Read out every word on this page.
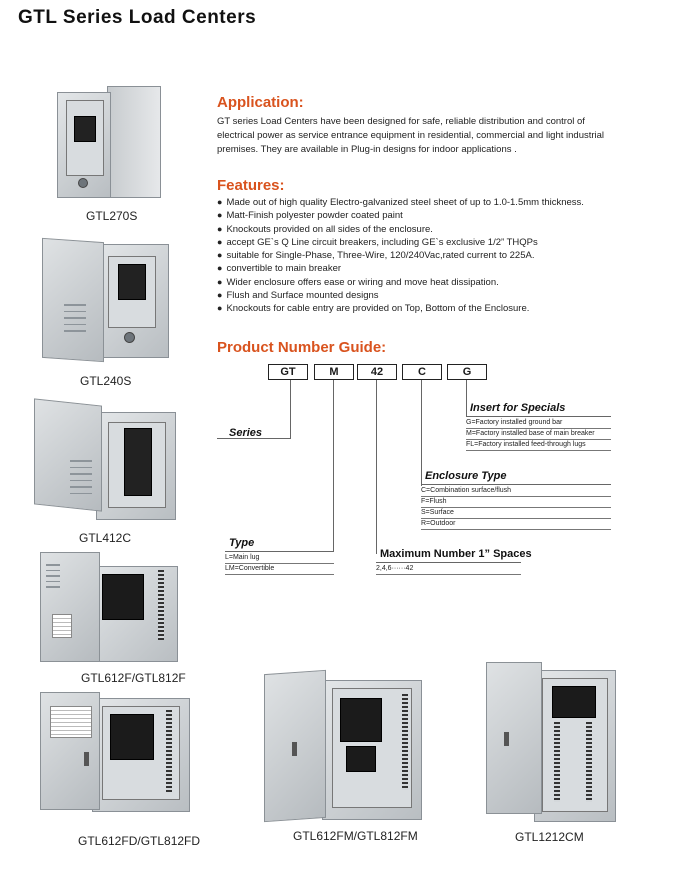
GTL Series Load Centers
Application:
GT series Load Centers have been designed for safe, reliable distribution and control of electrical power as service entrance equipment in residential, commercial and light industrial premises. They are available in Plug-in designs for indoor applications .
Features:
● Made out of high quality Electro-galvanized steel sheet of up to 1.0-1.5mm thickness.
● Matt-Finish polyester powder coated paint
● Knockouts provided on all sides of the enclosure.
● accept GE`s Q Line circuit breakers, including GE`s exclusive 1/2” THQPs
● suitable for Single-Phase, Three-Wire, 120/240Vac,rated current to 225A.
● convertible to main breaker
● Wider enclosure offers ease or wiring and move heat dissipation.
● Flush and Surface mounted designs
● Knockouts for cable entry are provided on Top, Bottom of the Enclosure.
Product Number Guide:
GT	M	42	C	G
Series
Insert for Specials
G=Factory installed ground bar
M=Factory installed base of main breaker
FL=Factory installed feed-through lugs
Enclosure Type
C=Combination surface/flush
F=Flush
S=Surface
R=Outdoor
Type
L=Main lug
LM=Convertible
Maximum Number 1” Spaces
2,4,6······42
GTL270S
GTL240S
GTL412C
GTL612F/GTL812F
GTL612FD/GTL812FD	GTL612FM/GTL812FM	GTL1212CM
